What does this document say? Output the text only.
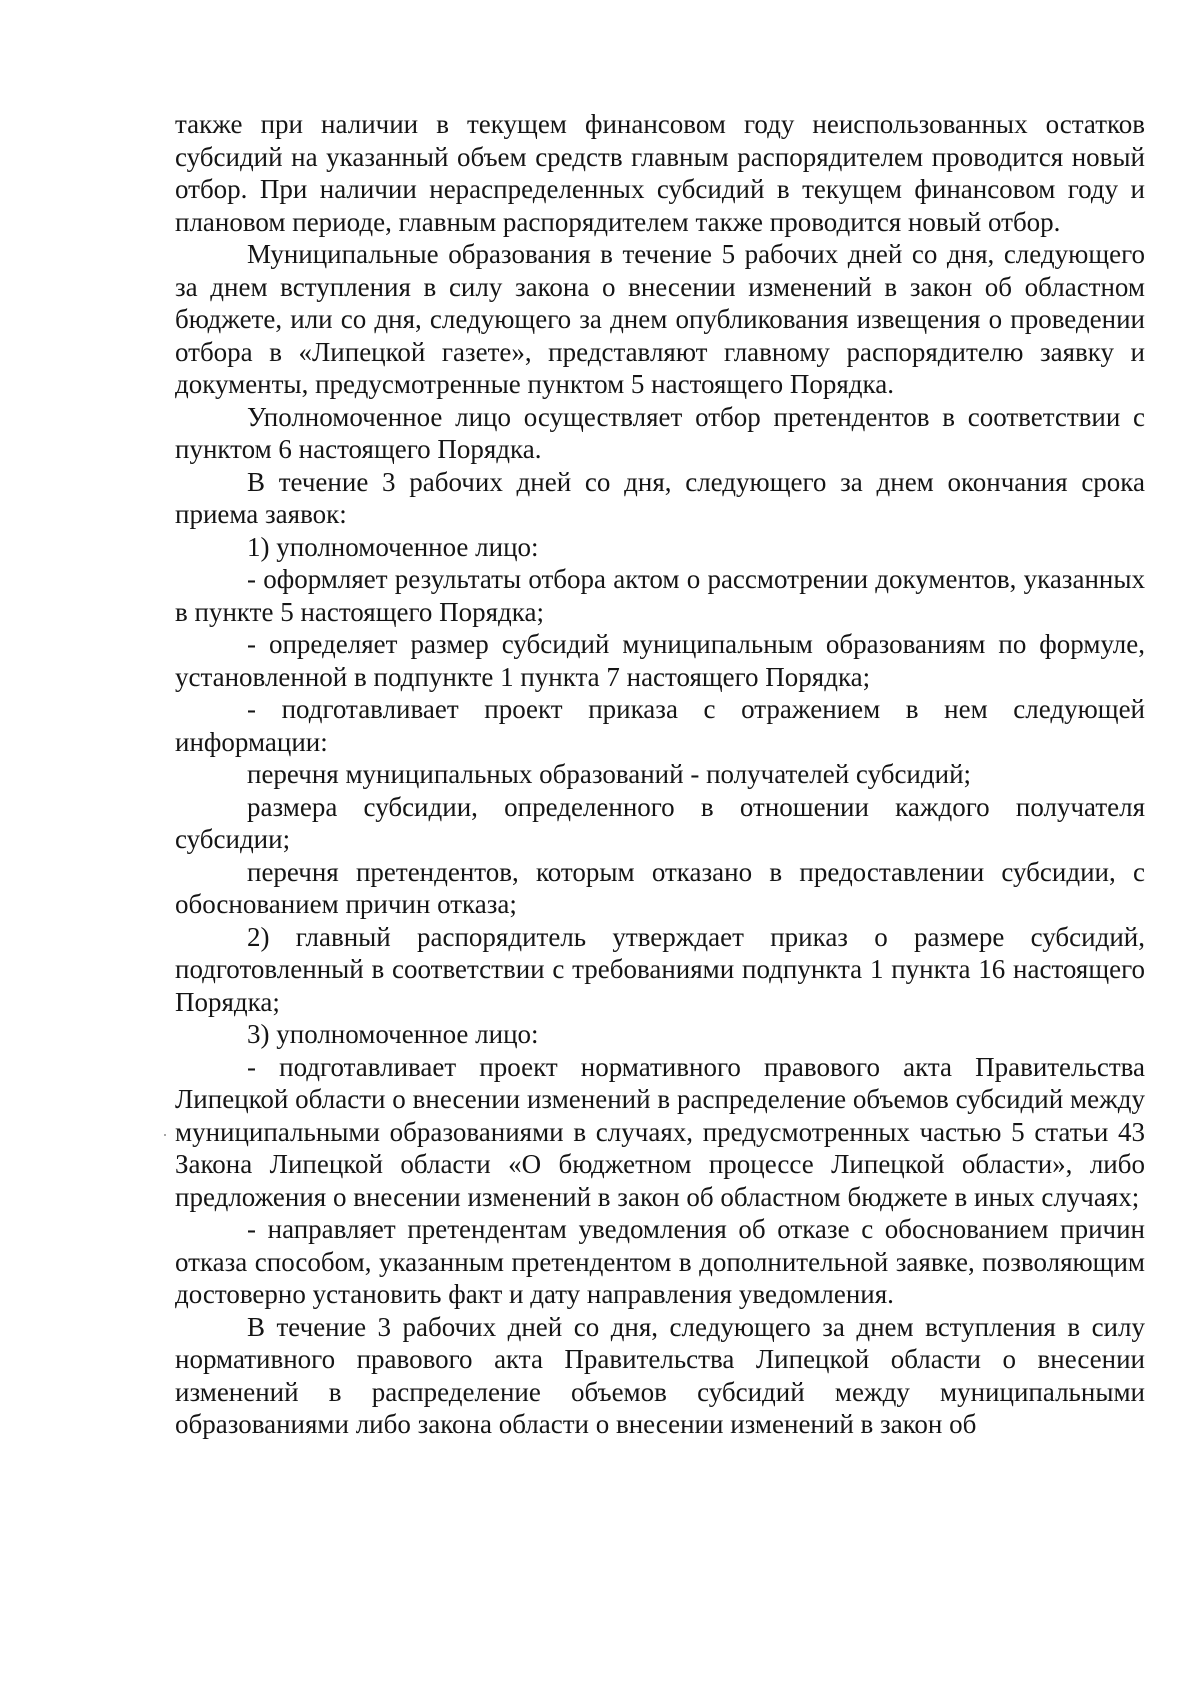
также при наличии в текущем финансовом году неиспользованных остатков субсидий на указанный объем средств главным распорядителем проводится новый отбор. При наличии нераспределенных субсидий в текущем финансовом году и плановом периоде, главным распорядителем также проводится новый отбор.

Муниципальные образования в течение 5 рабочих дней со дня, следующего за днем вступления в силу закона о внесении изменений в закон об областном бюджете, или со дня, следующего за днем опубликования извещения о проведении отбора в «Липецкой газете», представляют главному распорядителю заявку и документы, предусмотренные пунктом 5 настоящего Порядка.

Уполномоченное лицо осуществляет отбор претендентов в соответствии с пунктом 6 настоящего Порядка.

В течение 3 рабочих дней со дня, следующего за днем окончания срока приема заявок:

1) уполномоченное лицо:

- оформляет результаты отбора актом о рассмотрении документов, указанных в пункте 5 настоящего Порядка;

- определяет размер субсидий муниципальным образованиям по формуле, установленной в подпункте 1 пункта 7 настоящего Порядка;

- подготавливает проект приказа с отражением в нем следующей информации:

перечня муниципальных образований - получателей субсидий;

размера субсидии, определенного в отношении каждого получателя субсидии;

перечня претендентов, которым отказано в предоставлении субсидии, с обоснованием причин отказа;

2) главный распорядитель утверждает приказ о размере субсидий, подготовленный в соответствии с требованиями подпункта 1 пункта 16 настоящего Порядка;

3) уполномоченное лицо:

- подготавливает проект нормативного правового акта Правительства Липецкой области о внесении изменений в распределение объемов субсидий между муниципальными образованиями в случаях, предусмотренных частью 5 статьи 43 Закона Липецкой области «О бюджетном процессе Липецкой области», либо предложения о внесении изменений в закон об областном бюджете в иных случаях;

- направляет претендентам уведомления об отказе с обоснованием причин отказа способом, указанным претендентом в дополнительной заявке, позволяющим достоверно установить факт и дату направления уведомления.

В течение 3 рабочих дней со дня, следующего за днем вступления в силу нормативного правового акта Правительства Липецкой области о внесении изменений в распределение объемов субсидий между муниципальными образованиями либо закона области о внесении изменений в закон об
